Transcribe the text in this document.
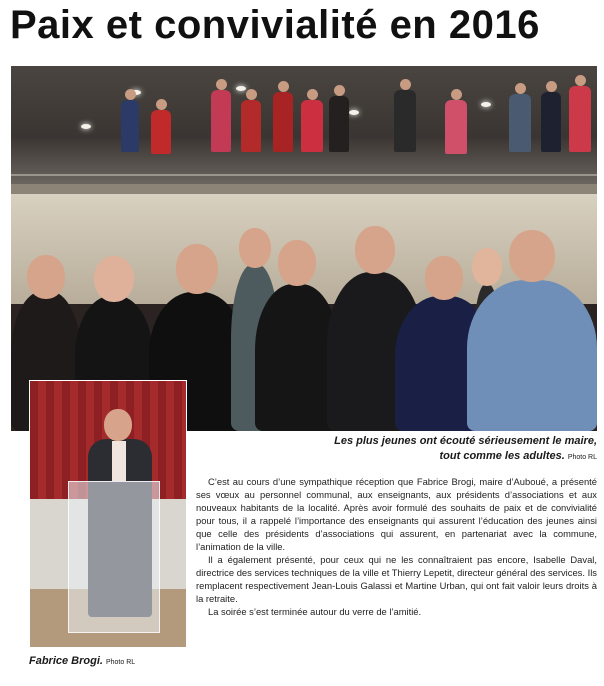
Paix et convivialité en 2016
Les plus jeunes ont écouté sérieusement le maire,
tout comme les adultes. Photo RL
Fabrice Brogi. Photo RL

C’est au cours d’une sympathique réception que Fabrice Brogi, maire d’Auboué, a présenté ses vœux au personnel communal, aux enseignants, aux présidents d’associations et aux nouveaux habitants de la localité. Après avoir formulé des souhaits de paix et de convivialité pour tous, il a rappelé l’importance des enseignants qui assurent l’éducation des jeunes ainsi que celle des présidents d’associations qui assurent, en partenariat avec la commune, l’animation de la ville.

Il a également présenté, pour ceux qui ne les connaîtraient pas encore, Isabelle Daval, directrice des services techniques de la ville et Thierry Lepetit, directeur général des services. Ils remplacent respectivement Jean-Louis Galassi et Martine Urban, qui ont fait valoir leurs droits à la retraite.

La soirée s’est terminée autour du verre de l’amitié.
